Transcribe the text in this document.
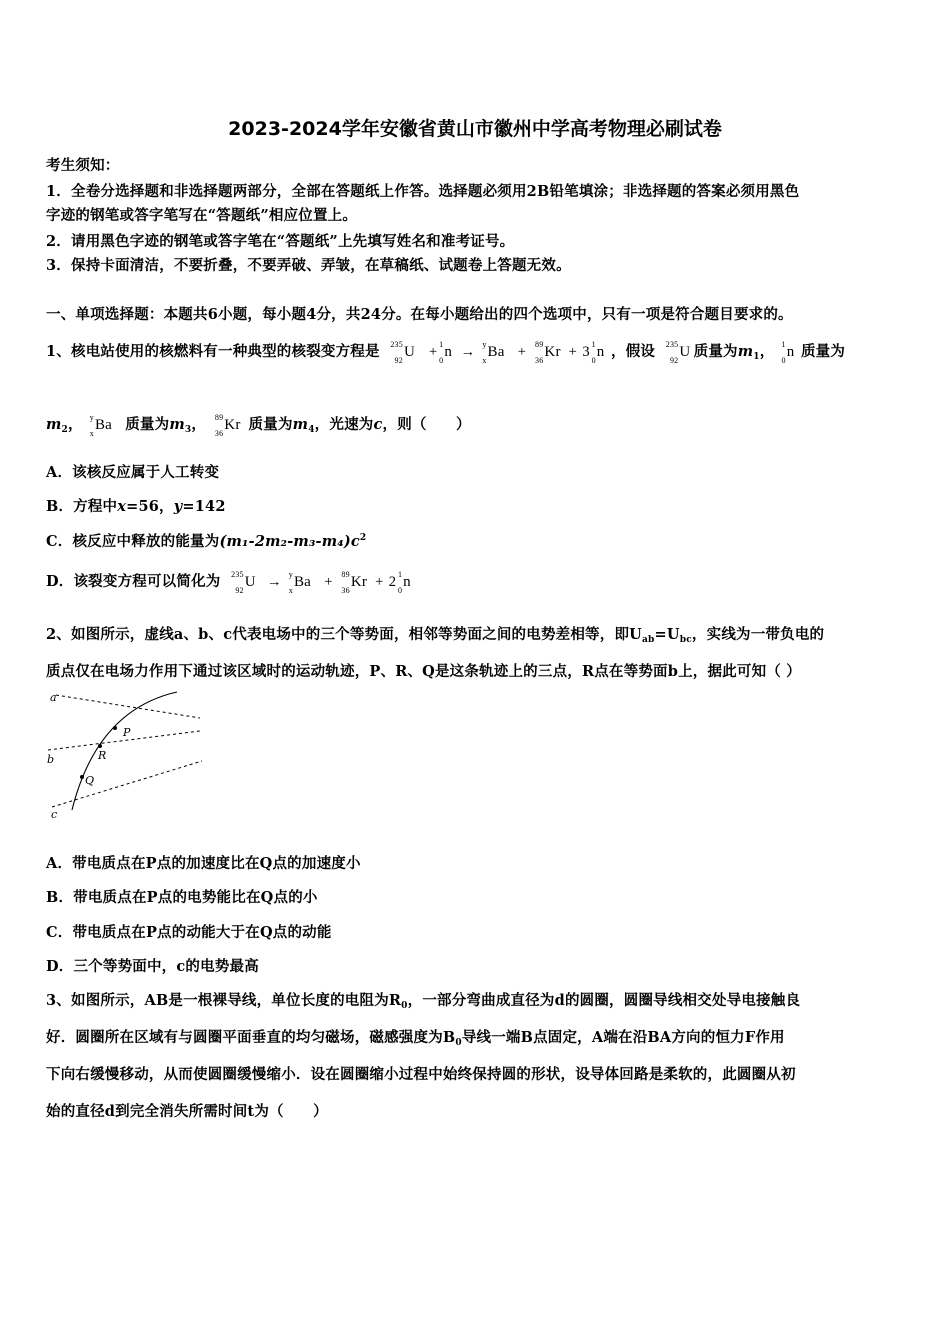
2023-2024学年安徽省黄山市徽州中学高考物理必刷试卷
考生须知：
1．全卷分选择题和非选择题两部分，全部在答题纸上作答。选择题必须用2B铅笔填涂；非选择题的答案必须用黑色
字迹的钢笔或答字笔写在“答题纸”相应位置上。
2．请用黑色字迹的钢笔或答字笔在“答题纸”上先填写姓名和准考证号。
3．保持卡面清洁，不要折叠，不要弄破、弄皱，在草稿纸、试题卷上答题无效。
一、单项选择题：本题共6小题，每小题4分，共24分。在每小题给出的四个选项中，只有一项是符合题目要求的。
1、核电站使用的核燃料有一种典型的核裂变方程是	235
92
U + 1
0
n → y
x
Ba +	89
36
Kr + 3 1
0
n ，假设	235
92
U 质量为$m_1$， 1
0
n 质量为
$m_2$， y
x
Ba 质量为$m_3$， 89
36
Kr 质量为$m_4$，光速为c，则（　　）
A．该核反应属于人工转变
B．方程中x=56，y=142
C．核反应中释放的能量为$(m_1-2m_2-m_3-m_4)c^2$
D．该裂变方程可以简化为	235
92
U → y
x
Ba +	89
36
Kr + 2 1
0
n
2、如图所示，虚线a、b、c代表电场中的三个等势面，相邻等势面之间的电势差相等，即$U_{ab}=U_{bc}$，实线为一带负电的
质点仅在电场力作用下通过该区域时的运动轨迹，P、R、Q是这条轨迹上的三点，R点在等势面b上，据此可知（ ）
a
b
c
P
R
Q
A．带电质点在P点的加速度比在Q点的加速度小
B．带电质点在P点的电势能比在Q点的小
C．带电质点在P点的动能大于在Q点的动能
D．三个等势面中，c的电势最高
3、如图所示，AB是一根裸导线，单位长度的电阻为$R_0$，一部分弯曲成直径为d的圆圈，圆圈导线相交处导电接触良
好．圆圈所在区域有与圆圈平面垂直的均匀磁场，磁感强度为$B_0$导线一端B点固定，A端在沿BA方向的恒力F作用
下向右缓慢移动，从而使圆圈缓慢缩小．设在圆圈缩小过程中始终保持圆的形状，设导体回路是柔软的，此圆圈从初
始的直径d到完全消失所需时间t为（　　）
